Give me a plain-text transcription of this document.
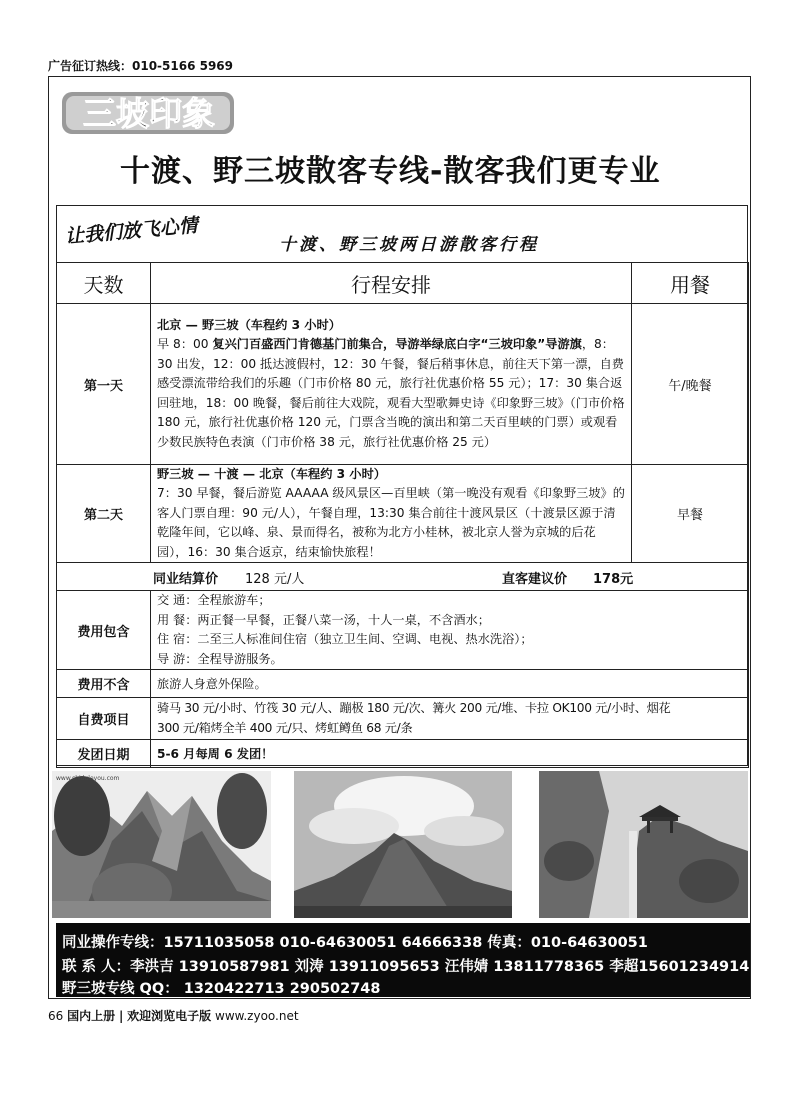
广告征订热线：010-5166 5969
三坡印象
十渡、野三坡散客专线-散客我们更专业
让我们放飞心情	十渡、野三坡两日游散客行程
天数	行程安排	用餐
第一天	北京 — 野三坡（车程约 3 小时）
早 8：00 复兴门百盛西门肯德基门前集合，导游举绿底白字“三坡印象”导游旗，8：30 出发，12：00 抵达渡假村，12：30 午餐，餐后稍事休息，前往天下第一漂，自费感受漂流带给我们的乐趣（门市价格 80 元，旅行社优惠价格 55 元）；17：30 集合返回驻地，18：00 晚餐，餐后前往大戏院，观看大型歌舞史诗《印象野三坡》（门市价格 180 元，旅行社优惠价格 120 元，门票含当晚的演出和第二天百里峡的门票）或观看少数民族特色表演（门市价格 38 元，旅行社优惠价格 25 元）	午/晚餐
第二天	野三坡 — 十渡 — 北京（车程约 3 小时）
7：30 早餐，餐后游览 AAAAA 级风景区—百里峡（第一晚没有观看《印象野三坡》的客人门票自理：90 元/人），午餐自理，13:30 集合前往十渡风景区（十渡景区源于清乾隆年间，它以峰、泉、景而得名，被称为北方小桂林，被北京人誉为京城的后花园），16：30 集合返京，结束愉快旅程！	早餐

同业结算价 128 元/人 直客建议价 178元		

费用包含	交 通：全程旅游车；
用 餐：两正餐一早餐，正餐八菜一汤，十人一桌，不含酒水；
住 宿：二至三人标准间住宿（独立卫生间、空调、电视、热水洗浴）；
导 游：全程导游服务。	

费用不含	旅游人身意外保险。	
自费项目	骑马 30 元/小时、竹筏 30 元/人、蹦极 180 元/次、篝火 200 元/堆、卡拉 OK100 元/小时、烟花
300 元/箱烤全羊 400 元/只、烤虹鳟鱼 68 元/条	

发团日期	5-6 月每周 6 发团！	
www.shiduleyou.com
同业操作专线：15711035058 010-64630051 64666338 传真：010-64630051
联 系 人：李洪吉 13910587981 刘涛 13911095653 汪伟婧 13811778365 李超15601234914
野三坡专线 QQ： 1320422713 290502748
66 国内上册 | 欢迎浏览电子版 www.zyoo.net
